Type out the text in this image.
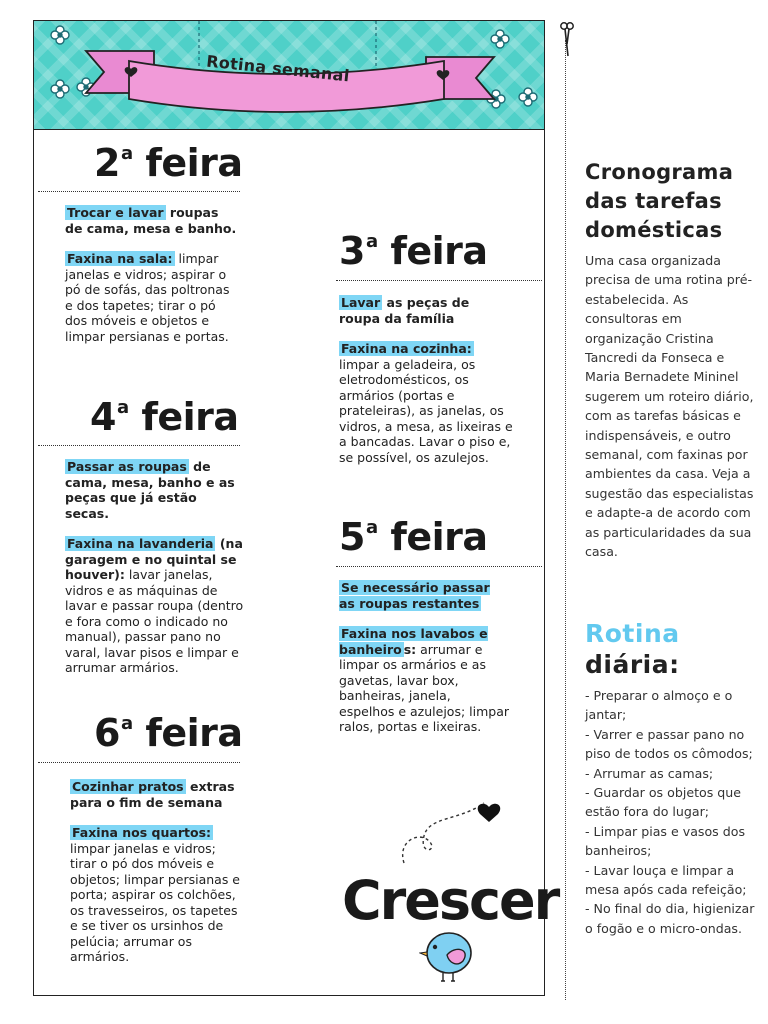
Rotina semanal
2$^a$ feira

Trocar e lavar roupas de cama, mesa e banho.

Faxina na sala: limpar janelas e vidros; aspirar o pó de sofás, das poltronas e dos tapetes; tirar o pó dos móveis e objetos e limpar persianas e portas.

4$^a$ feira

Passar as roupas de cama, mesa, banho e as peças que já estão secas.

Faxina na lavanderia (na garagem e no quintal se houver): lavar janelas, vidros e as máquinas de lavar e passar roupa (dentro e fora como o indicado no manual), passar pano no varal, lavar pisos e limpar e arrumar armários.

6$^a$ feira

Cozinhar pratos extras para o fim de semana

Faxina nos quartos: limpar janelas e vidros; tirar o pó dos móveis e objetos; limpar persianas e porta; aspirar os colchões, os travesseiros, os tapetes e se tiver os ursinhos de pelúcia; arrumar os armários.

3$^a$ feira

Lavar as peças de roupa da família

Faxina na cozinha: limpar a geladeira, os eletrodomésticos, os armários (portas e prateleiras), as janelas, os vidros, a mesa, as lixeiras e a bancadas. Lavar o piso e, se possível, os azulejos.

5$^a$ feira

Se necessário passar as roupas restantes

Faxina nos lavabos e banheiro s: arrumar e limpar os armários e as gavetas, lavar box, banheiras, janela, espelhos e azulejos; limpar ralos, portas e lixeiras.

Crescer
Cronograma das tarefas domésticas
Uma casa organizada precisa de uma rotina pré-estabelecida. As consultoras em organização Cristina Tancredi da Fonseca e Maria Bernadete Mininel sugerem um roteiro diário, com as tarefas básicas e indispensáveis, e outro semanal, com faxinas por ambientes da casa. Veja a sugestão das especialistas e adapte-a de acordo com as particularidades da sua casa.
Rotina
diária:
- Preparar o almoço e o jantar;
- Varrer e passar pano no piso de todos os cômodos;
- Arrumar as camas;
- Guardar os objetos que estão fora do lugar;
- Limpar pias e vasos dos banheiros;
- Lavar louça e limpar a mesa após cada refeição;
- No final do dia, higienizar o fogão e o micro-ondas.
